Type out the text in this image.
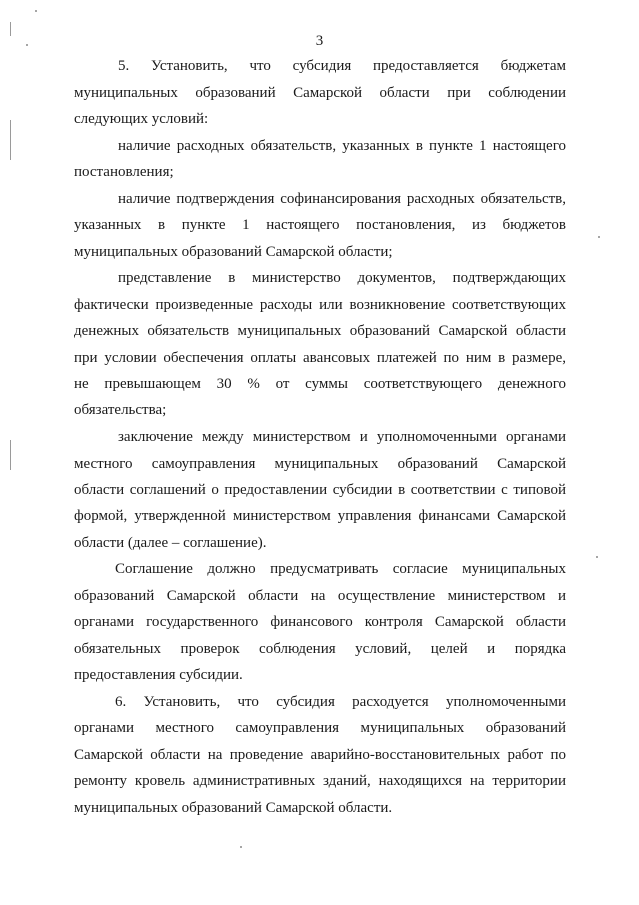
3
5. Установить, что субсидия предоставляется бюджетам
муниципальных образований Самарской области при соблюдении
следующих условий:
наличие расходных обязательств, указанных в пункте 1 настоящего
постановления;
наличие подтверждения софинансирования расходных обязательств,
указанных в пункте 1 настоящего постановления, из бюджетов
муниципальных образований Самарской области;
представление в министерство документов, подтверждающих
фактически произведенные расходы или возникновение соответствующих
денежных обязательств муниципальных образований Самарской области
при условии обеспечения оплаты авансовых платежей по ним в размере,
не превышающем 30 % от суммы соответствующего денежного
обязательства;
заключение между министерством и уполномоченными органами
местного самоуправления муниципальных образований Самарской
области соглашений о предоставлении субсидии в соответствии с типовой
формой, утвержденной министерством управления финансами Самарской
области (далее – соглашение).
Соглашение должно предусматривать согласие муниципальных
образований Самарской области на осуществление министерством и
органами государственного финансового контроля Самарской области
обязательных проверок соблюдения условий, целей и порядка
предоставления субсидии.
6. Установить, что субсидия расходуется уполномоченными
органами местного самоуправления муниципальных образований
Самарской области на проведение аварийно-восстановительных работ по
ремонту кровель административных зданий, находящихся на территории
муниципальных образований Самарской области.
